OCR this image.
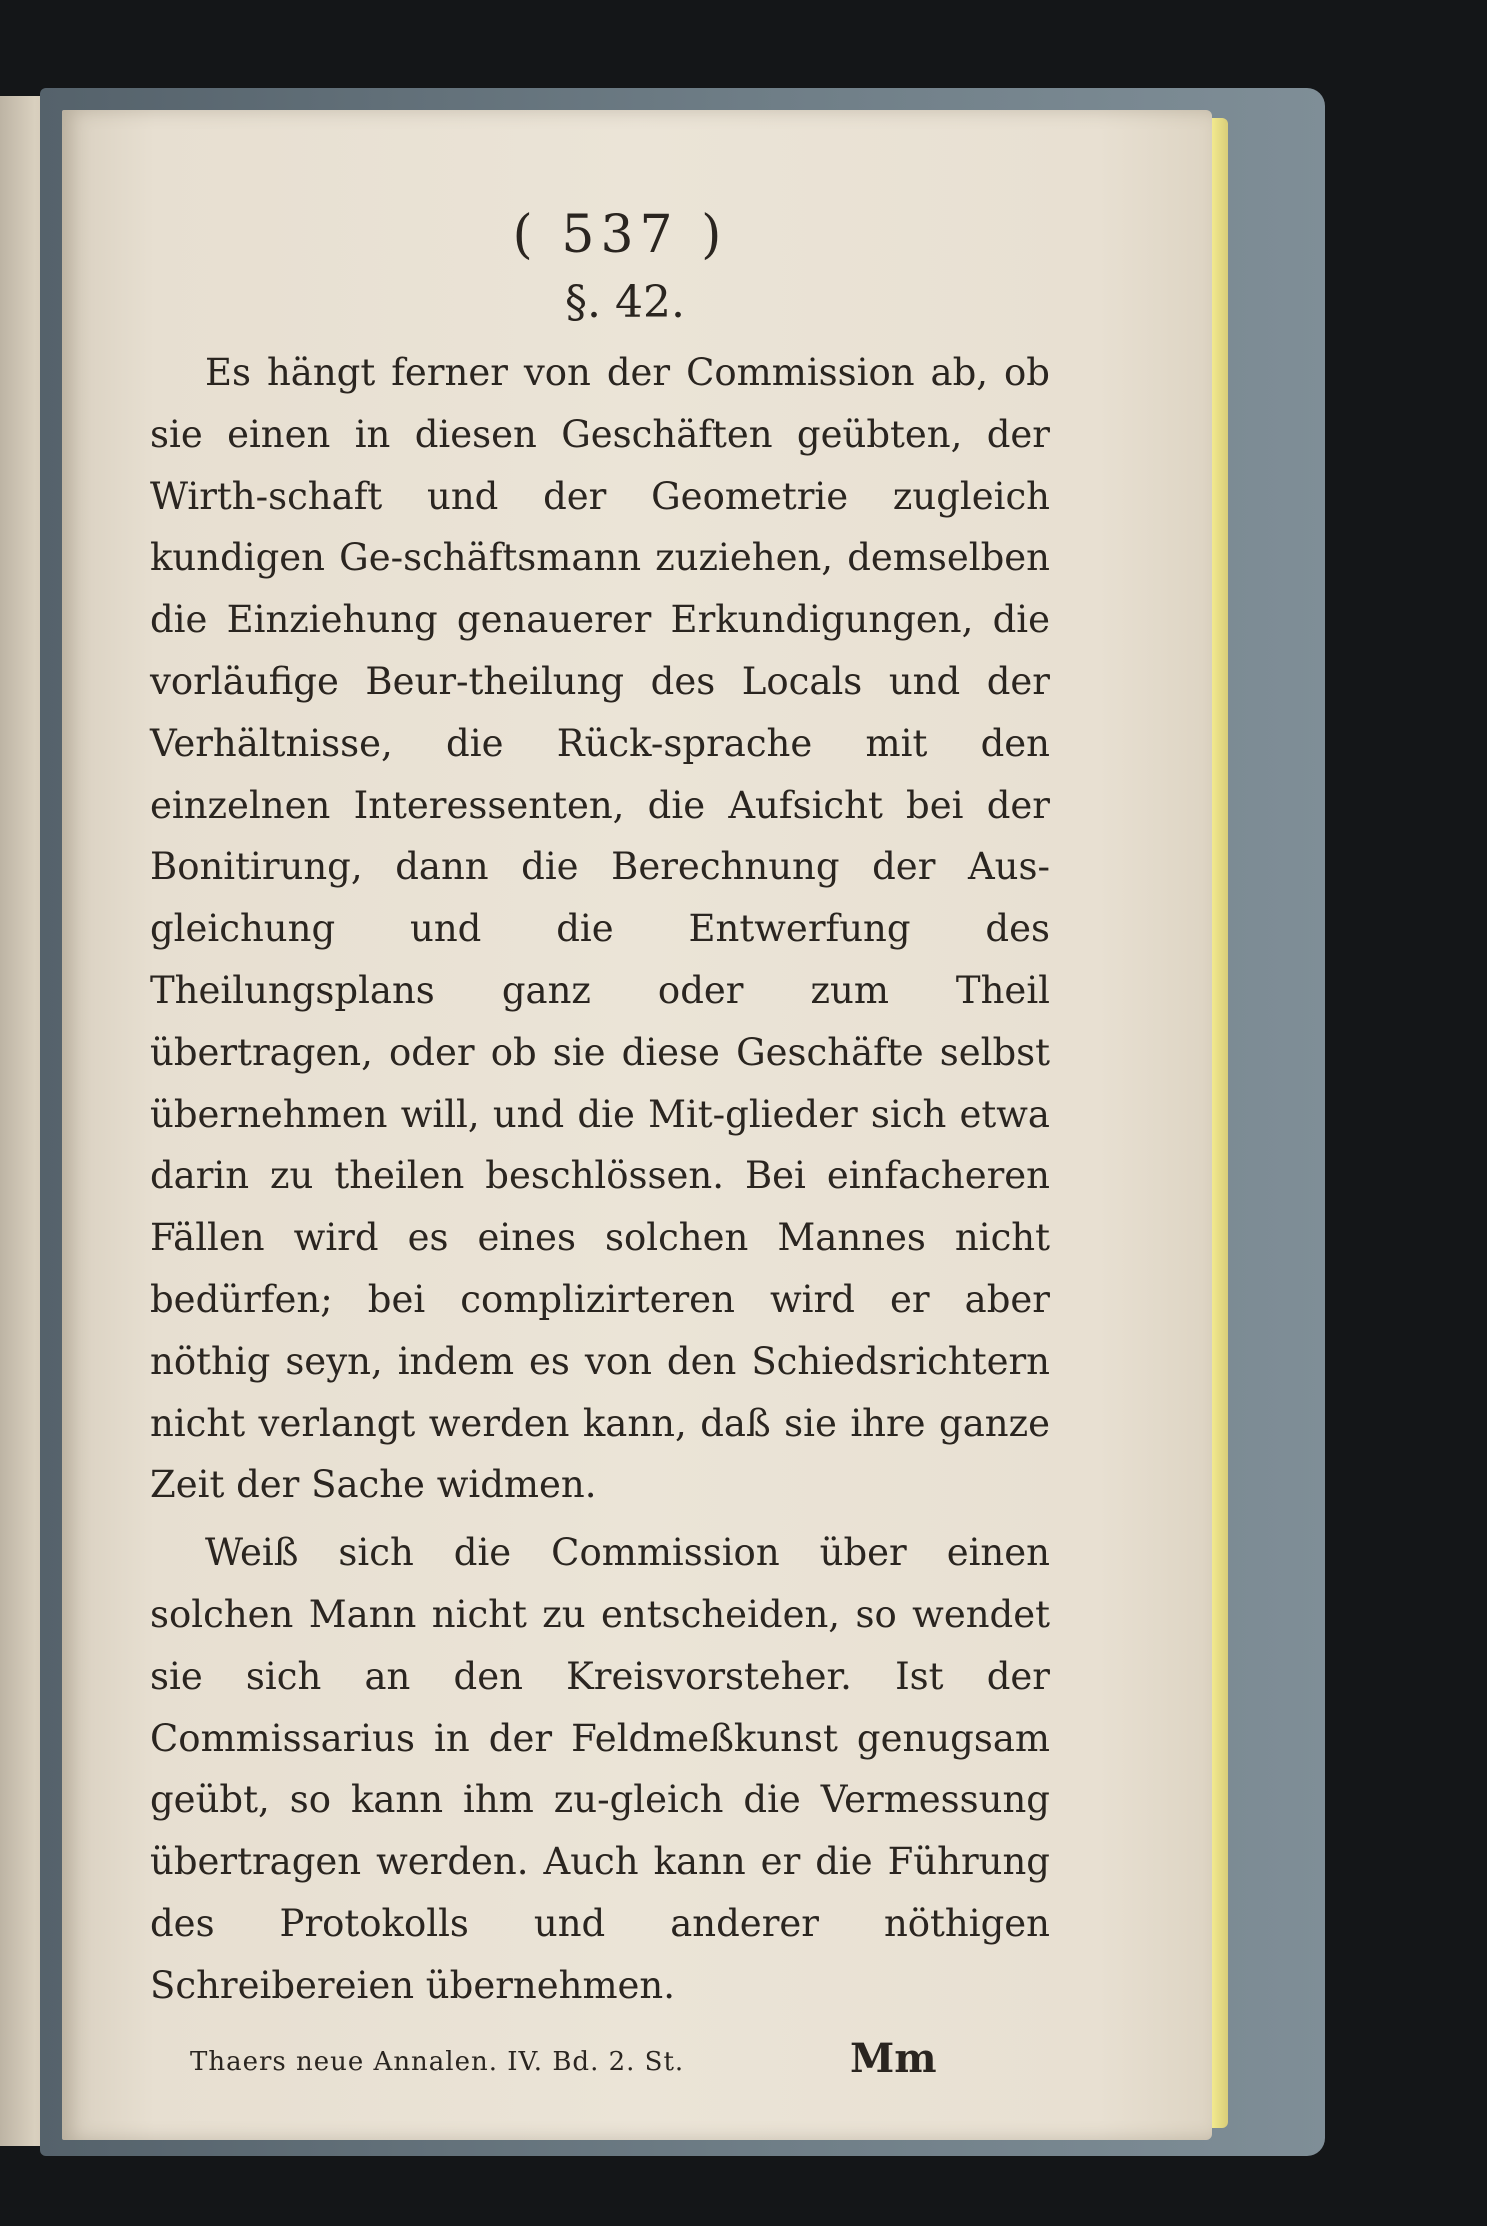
( 537 )
§. 42.

Es hängt ferner von der Commission ab, ob sie einen in diesen Geschäften geübten, der Wirth-schaft und der Geometrie zugleich kundigen Ge-schäftsmann zuziehen, demselben die Einziehung genauerer Erkundigungen, die vorläufige Beur-theilung des Locals und der Verhältnisse, die Rück-sprache mit den einzelnen Interessenten, die Aufsicht bei der Bonitirung, dann die Berechnung der Aus-gleichung und die Entwerfung des Theilungsplans ganz oder zum Theil übertragen, oder ob sie diese Geschäfte selbst übernehmen will, und die Mit-glieder sich etwa darin zu theilen beschlössen. Bei einfacheren Fällen wird es eines solchen Mannes nicht bedürfen; bei complizirteren wird er aber nöthig seyn, indem es von den Schiedsrichtern nicht verlangt werden kann, daß sie ihre ganze Zeit der Sache widmen.

Weiß sich die Commission über einen solchen Mann nicht zu entscheiden, so wendet sie sich an den Kreisvorsteher. Ist der Commissarius in der Feldmeßkunst genugsam geübt, so kann ihm zu-gleich die Vermessung übertragen werden. Auch kann er die Führung des Protokolls und anderer nöthigen Schreibereien übernehmen.

Thaers neue Annalen. IV. Bd. 2. St.	Mm
